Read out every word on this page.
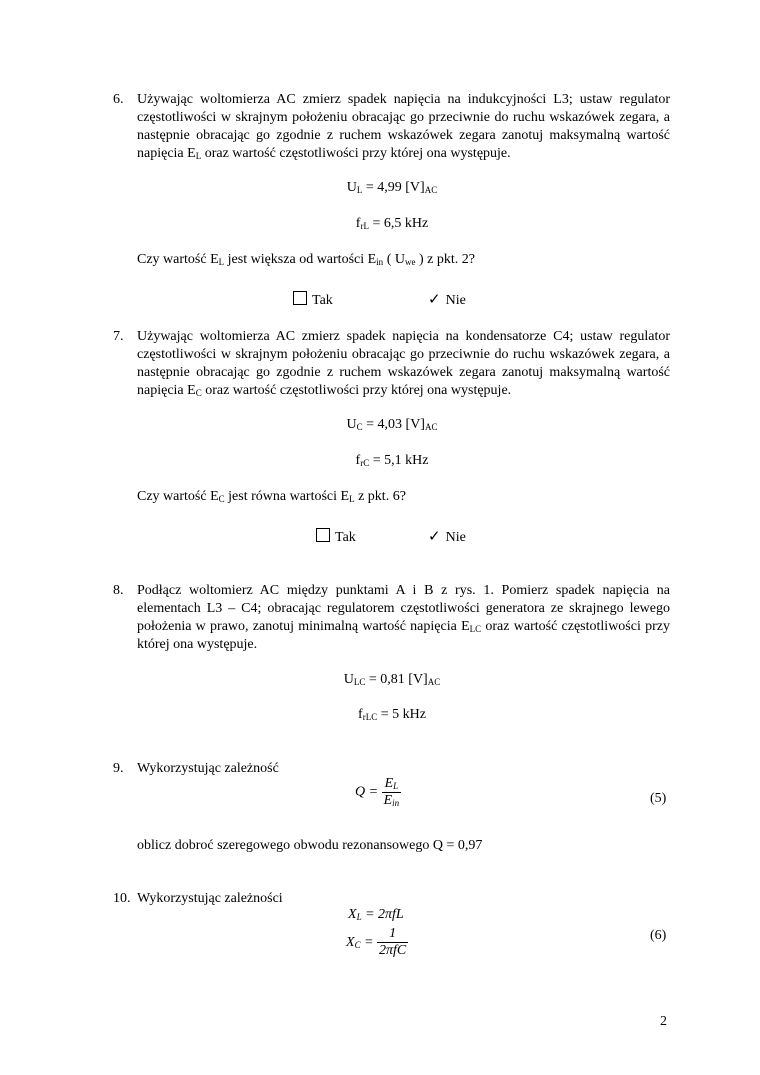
6. Używając woltomierza AC zmierz spadek napięcia na indukcyjności L3; ustaw regulator częstotliwości w skrajnym położeniu obracając go przeciwnie do ruchu wskazówek zegara, a następnie obracając go zgodnie z ruchem wskazówek zegara zanotuj maksymalną wartość napięcia $E_L$ oraz wartość częstotliwości przy której ona występuje.
$U_L = 4,99$ $[V]_{AC}$
$f_{rL} = 6,5$ kHz
Czy wartość $E_L$ jest większa od wartości $E_{in}$ ( $U_{we}$ ) z pkt. 2?
Tak	✓ Nie
7. Używając woltomierza AC zmierz spadek napięcia na kondensatorze C4; ustaw regulator częstotliwości w skrajnym położeniu obracając go przeciwnie do ruchu wskazówek zegara, a następnie obracając go zgodnie z ruchem wskazówek zegara zanotuj maksymalną wartość napięcia $E_C$ oraz wartość częstotliwości przy której ona występuje.
$U_C = 4,03$ $[V]_{AC}$
$f_{rC} = 5,1$ kHz
Czy wartość $E_C$ jest równa wartości $E_L$ z pkt. 6?
Tak	✓ Nie
8. Podłącz woltomierz AC między punktami A i B z rys. 1. Pomierz spadek napięcia na elementach L3 – C4; obracając regulatorem częstotliwości generatora ze skrajnego lewego położenia w prawo, zanotuj minimalną wartość napięcia $E_{LC}$ oraz wartość częstotliwości przy której ona występuje.
$U_{LC} = 0,81$ $[V]_{AC}$
$f_{rLC} = 5$ kHz
9. Wykorzystując zależność
$Q = \frac{E_L}{E_{in}}$	(5)
oblicz dobroć szeregowego obwodu rezonansowego Q = 0,97
10. Wykorzystując zależności
$X_L = 2\pi fL$
$X_C = \frac{1}{\text{2πfC}}$	(6)
2
